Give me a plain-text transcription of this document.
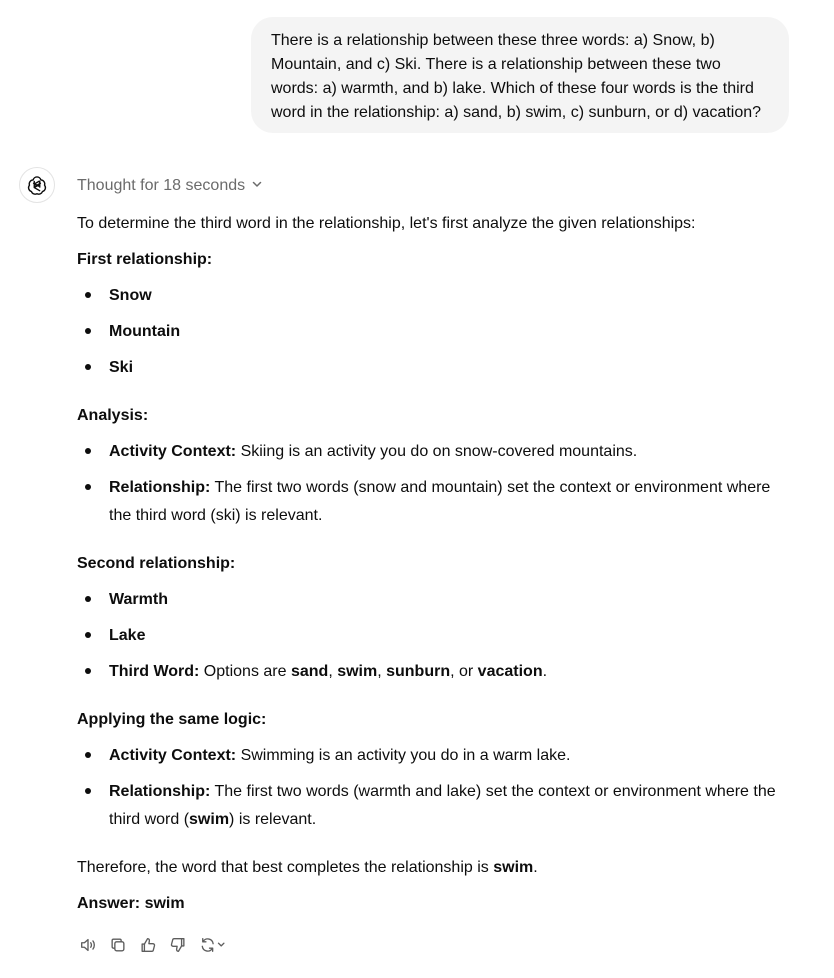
There is a relationship between these three words: a) Snow, b) Mountain, and c) Ski. There is a relationship between these two words: a) warmth, and b) lake. Which of these four words is the third word in the relationship: a) sand, b) swim, c) sunburn, or d) vacation?
Thought for 18 seconds

To determine the third word in the relationship, let's first analyze the given relationships:

First relationship:

Snow
Mountain
Ski

Analysis:

Activity Context: Skiing is an activity you do on snow-covered mountains.
Relationship: The first two words (snow and mountain) set the context or environment where the third word (ski) is relevant.

Second relationship:

Warmth
Lake
Third Word: Options are sand, swim, sunburn, or vacation.

Applying the same logic:

Activity Context: Swimming is an activity you do in a warm lake.
Relationship: The first two words (warmth and lake) set the context or environment where the third word (swim) is relevant.

Therefore, the word that best completes the relationship is swim.

Answer: swim
